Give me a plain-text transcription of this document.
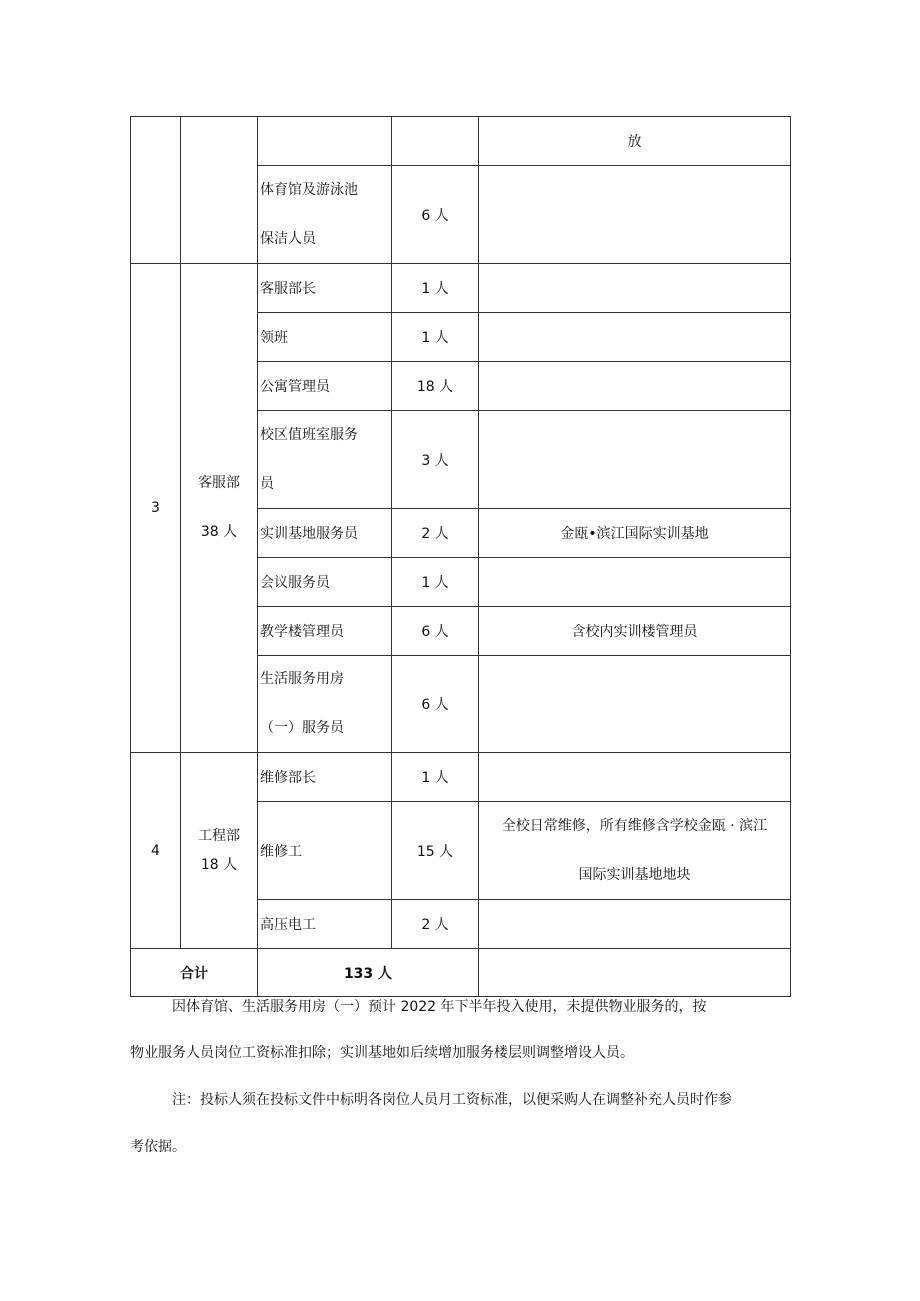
				放

		体育馆及游泳池
保洁人员	6 人	
3	客服部
38 人	客服部长	1 人	
		领班	1 人	
		公寓管理员	18 人	

		校区值班室服务
员	3 人	
		实训基地服务员	2 人	金瓯•滨江国际实训基地
		会议服务员	1 人	
		教学楼管理员	6 人	含校内实训楼管理员

		生活服务用房
（一）服务员	6 人	
4	工程部
18 人	维修部长	1 人	
		维修工	15 人	全校日常维修，所有维修含学校金瓯 · 滨江
国际实训基地地块

		高压电工	2 人	
合计		133 人		
因体育馆、生活服务用房（一）预计 2022 年下半年投入使用，未提供物业服务的，按
物业服务人员岗位工资标准扣除；实训基地如后续增加服务楼层则调整增设人员。
注：投标人须在投标文件中标明各岗位人员月工资标准，以便采购人在调整补充人员时作参
考依据。
